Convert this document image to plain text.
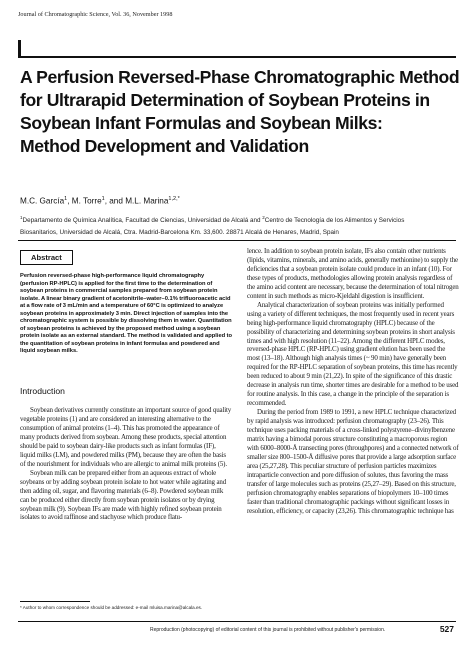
Journal of Chromatographic Science, Vol. 36, November 1998
A Perfusion Reversed-Phase Chromatographic Method
for Ultrarapid Determination of Soybean Proteins in
Soybean Infant Formulas and Soybean Milks:
Method Development and Validation
M.C. García$^1$, M. Torre$^1$, and M.L. Marina$^{1,2,*}$
$^1$Departamento de Química Analítica, Facultad de Ciencias, Universidad de Alcalá and $^2$Centro de Tecnología de los Alimentos y Servicios
Biosanitarios, Universidad de Alcalá, Ctra. Madrid-Barcelona Km. 33,600. 28871 Alcalá de Henares, Madrid, Spain
Abstract
Perfusion reversed-phase high-performance liquid chromatography (perfusion RP-HPLC) is applied for the first time to the determination of soybean proteins in commercial samples prepared from soybean protein isolate. A linear binary gradient of acetonitrile–water–0.1% trifluoroacetic acid at a flow rate of 3 mL/min and a temperature of 60°C is optimized to analyze soybean proteins in approximately 3 min. Direct injection of samples into the chromatographic system is possible by dissolving them in water. Quantitation of soybean proteins is achieved by the proposed method using a soybean protein isolate as an external standard. The method is validated and applied to the quantitation of soybean proteins in infant formulas and powdered and liquid soybean milks.
Introduction

Soybean derivatives currently constitute an important source of good quality vegetable proteins (1) and are considered an interesting alternative to the consumption of animal proteins (1–4). This has promoted the appearance of many products derived from soybean. Among these products, special attention should be paid to soybean dairy-like products such as infant formulas (IF), liquid milks (LM), and powdered milks (PM), because they are often the basis of the nourishment for individuals who are allergic to animal milk proteins (5).

Soybean milk can be prepared either from an aqueous extract of whole soybeans or by adding soybean protein isolate to hot water while agitating and then adding oil, sugar, and flavoring materials (6–8). Powdered soybean milk can be produced either directly from soybean protein isolates or by drying soybean milk (9). Soybean IFs are made with highly refined soybean protein isolates to avoid raffinose and stachyose which produce flatu-

lence. In addition to soybean protein isolate, IFs also contain other nutrients (lipids, vitamins, minerals, and amino acids, generally methionine) to supply the deficiencies that a soybean protein isolate could produce in an infant (10). For these types of products, methodologies allowing protein analysis regardless of the amino acid content are necessary, because the determination of total nitrogen content in such methods as micro-Kjeldahl digestion is insufficient.

Analytical characterization of soybean proteins was initially performed using a variety of different techniques, the most frequently used in recent years being high-performance liquid chromatography (HPLC) because of the possibility of characterizing and determining soybean proteins in short analysis times and with high resolution (11–22). Among the different HPLC modes, reversed-phase HPLC (RP-HPLC) using gradient elution has been used the most (13–18). Although high analysis times (~ 90 min) have generally been required for the RP-HPLC separation of soybean proteins, this time has recently been reduced to about 9 min (21,22). In spite of the significance of this drastic decrease in analysis run time, shorter times are desirable for a method to be used for routine analysis. In this case, a change in the principle of the separation is recommended.

During the period from 1989 to 1991, a new HPLC technique characterized by rapid analysis was introduced: perfusion chromatography (23–26). This technique uses packing materials of a cross-linked polystyrene–divinylbenzene matrix having a bimodal porous structure constituting a macroporous region with 6000–8000-Å transecting pores (throughpores) and a connected network of smaller size 800–1500-Å diffusive pores that provide a large adsorption surface area (25,27,28). This peculiar structure of perfusion particles maximizes intraparticle convection and pore diffusion of solutes, thus favoring the mass transfer of large molecules such as proteins (25,27–29). Based on this structure, perfusion chromatography enables separations of biopolymers 10–100 times faster than traditional chromatographic packings without significant losses in resolution, efficiency, or capacity (23,26). This chromatographic technique has

* Author to whom correspondence should be addressed: e-mail mluisa.marina@alcala.es.
Reproduction (photocopying) of editorial content of this journal is prohibited without publisher's permission.	527
